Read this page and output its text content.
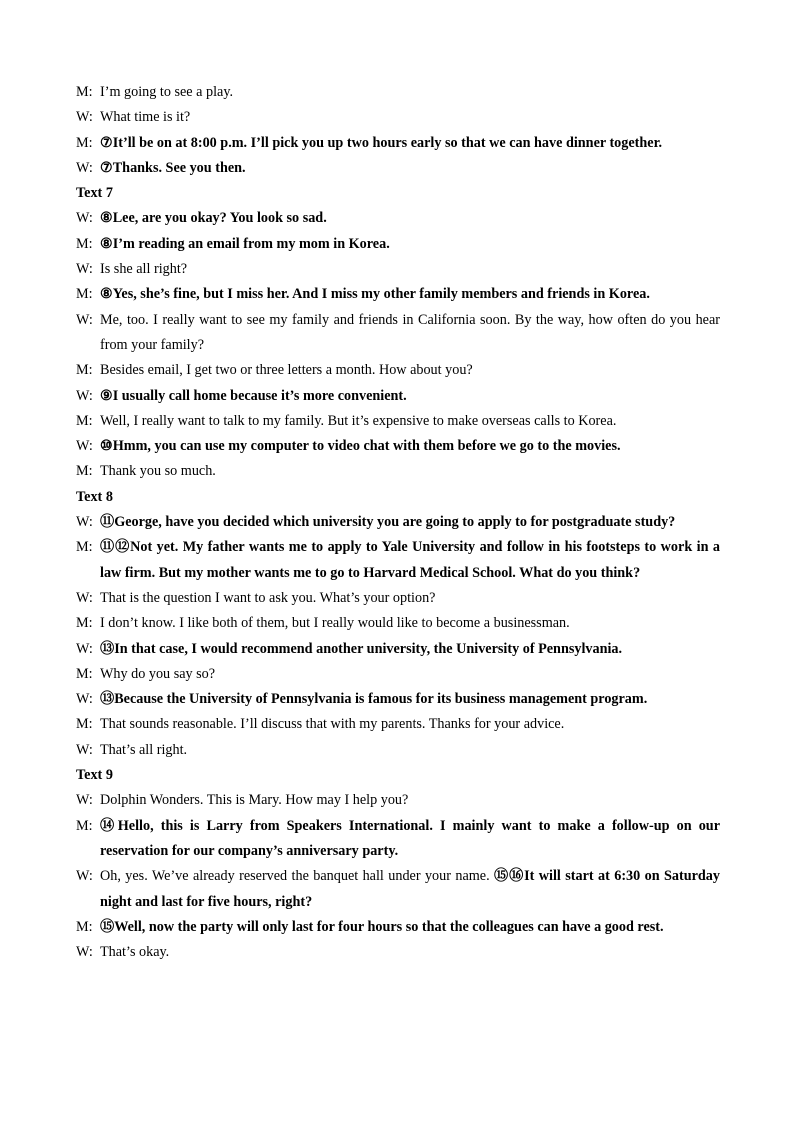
M: I’m going to see a play.
W: What time is it?
M: ⑦It’ll be on at 8:00 p.m. I’ll pick you up two hours early so that we can have dinner together.
W: ⑦Thanks. See you then.
Text 7
W: ⑧Lee, are you okay? You look so sad.
M: ⑧I’m reading an email from my mom in Korea.
W: Is she all right?
M: ⑧Yes, she’s fine, but I miss her. And I miss my other family members and friends in Korea.
W: Me, too. I really want to see my family and friends in California soon. By the way, how often do you hear from your family?
M: Besides email, I get two or three letters a month. How about you?
W: ⑨I usually call home because it’s more convenient.
M: Well, I really want to talk to my family. But it’s expensive to make overseas calls to Korea.
W: ⑩Hmm, you can use my computer to video chat with them before we go to the movies.
M: Thank you so much.
Text 8
W: ⑪George, have you decided which university you are going to apply to for postgraduate study?
M: ⑪⑫Not yet. My father wants me to apply to Yale University and follow in his footsteps to work in a law firm. But my mother wants me to go to Harvard Medical School. What do you think?
W: That is the question I want to ask you. What’s your option?
M: I don’t know. I like both of them, but I really would like to become a businessman.
W: ⑬In that case, I would recommend another university, the University of Pennsylvania.
M: Why do you say so?
W: ⑬Because the University of Pennsylvania is famous for its business management program.
M: That sounds reasonable. I’ll discuss that with my parents. Thanks for your advice.
W: That’s all right.
Text 9
W: Dolphin Wonders. This is Mary. How may I help you?
M: ⑭Hello, this is Larry from Speakers International. I mainly want to make a follow-up on our reservation for our company’s anniversary party.
W: Oh, yes. We’ve already reserved the banquet hall under your name. ⑮⑯It will start at 6:30 on Saturday night and last for five hours, right?
M: ⑮Well, now the party will only last for four hours so that the colleagues can have a good rest.
W: That’s okay.
